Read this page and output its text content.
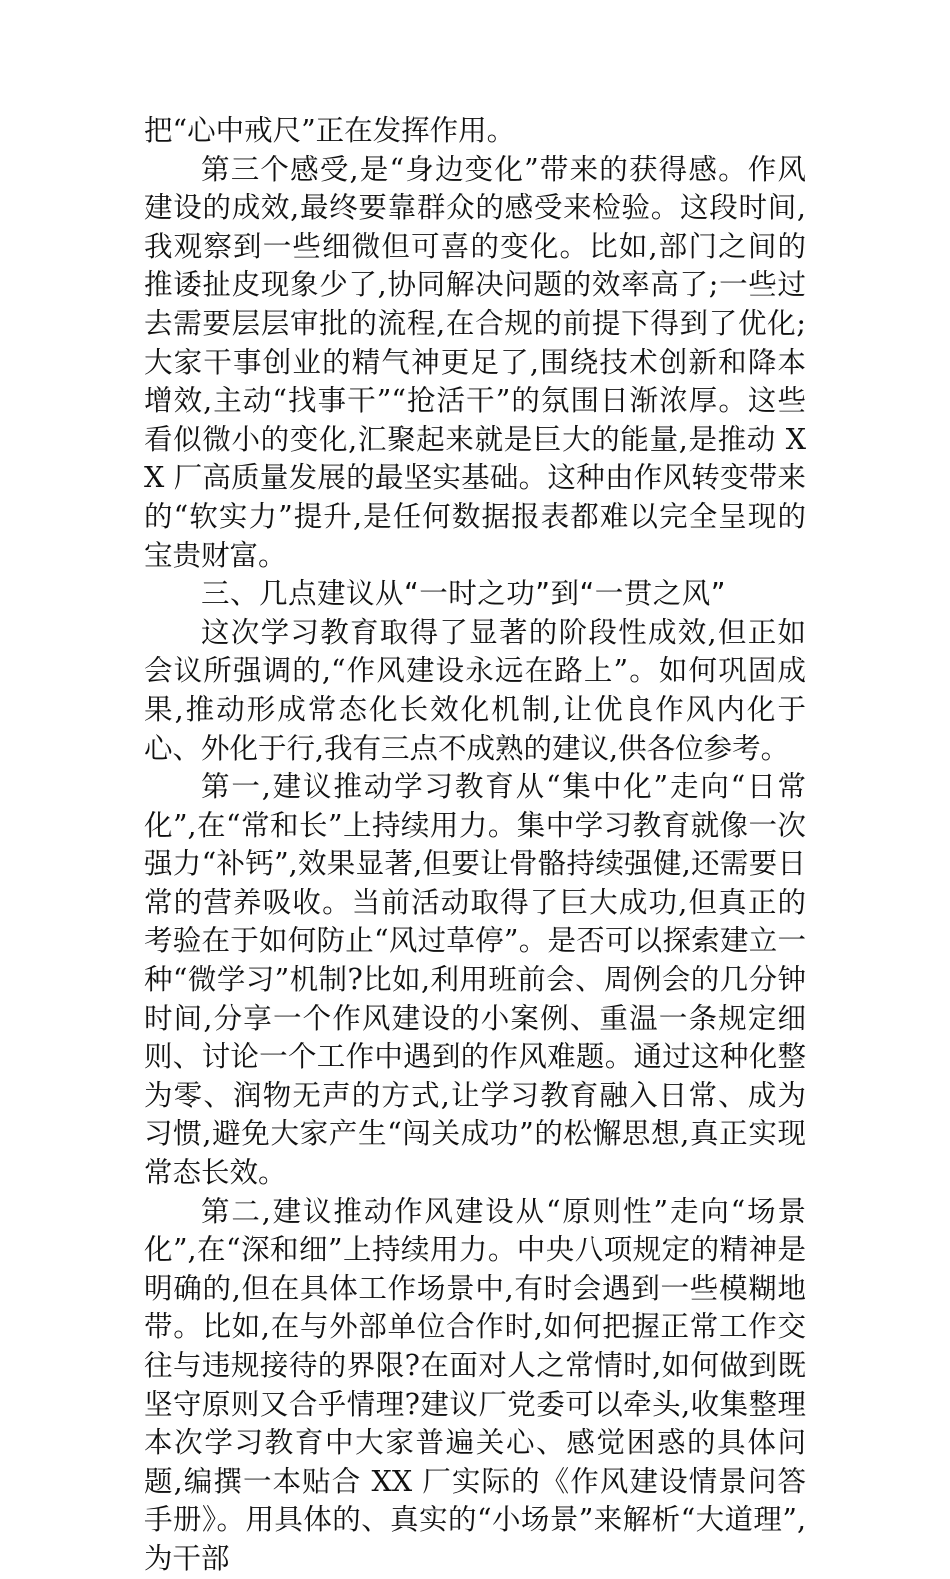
把“心中戒尺”正在发挥作用。

第三个感受,是“身边变化”带来的获得感。作风建设的成效,最终要靠群众的感受来检验。这段时间,我观察到一些细微但可喜的变化。比如,部门之间的推诿扯皮现象少了,协同解决问题的效率高了;一些过去需要层层审批的流程,在合规的前提下得到了优化;大家干事创业的精气神更足了,围绕技术创新和降本增效,主动“找事干”“抢活干”的氛围日渐浓厚。这些看似微小的变化,汇聚起来就是巨大的能量,是推动 XX 厂高质量发展的最坚实基础。这种由作风转变带来的“软实力”提升,是任何数据报表都难以完全呈现的宝贵财富。

三、几点建议从“一时之功”到“一贯之风”

这次学习教育取得了显著的阶段性成效,但正如会议所强调的,“作风建设永远在路上”。如何巩固成果,推动形成常态化长效化机制,让优良作风内化于心、外化于行,我有三点不成熟的建议,供各位参考。

第一,建议推动学习教育从“集中化”走向“日常化”,在“常和长”上持续用力。集中学习教育就像一次强力“补钙”,效果显著,但要让骨骼持续强健,还需要日常的营养吸收。当前活动取得了巨大成功,但真正的考验在于如何防止“风过草停”。是否可以探索建立一种“微学习”机制?比如,利用班前会、周例会的几分钟时间,分享一个作风建设的小案例、重温一条规定细则、讨论一个工作中遇到的作风难题。通过这种化整为零、润物无声的方式,让学习教育融入日常、成为习惯,避免大家产生“闯关成功”的松懈思想,真正实现常态长效。

第二,建议推动作风建设从“原则性”走向“场景化”,在“深和细”上持续用力。中央八项规定的精神是明确的,但在具体工作场景中,有时会遇到一些模糊地带。比如,在与外部单位合作时,如何把握正常工作交往与违规接待的界限?在面对人之常情时,如何做到既坚守原则又合乎情理?建议厂党委可以牵头,收集整理本次学习教育中大家普遍关心、感觉困惑的具体问题,编撰一本贴合 XX 厂实际的《作风建设情景问答手册》。用具体的、真实的“小场景”来解析“大道理”,为干部
